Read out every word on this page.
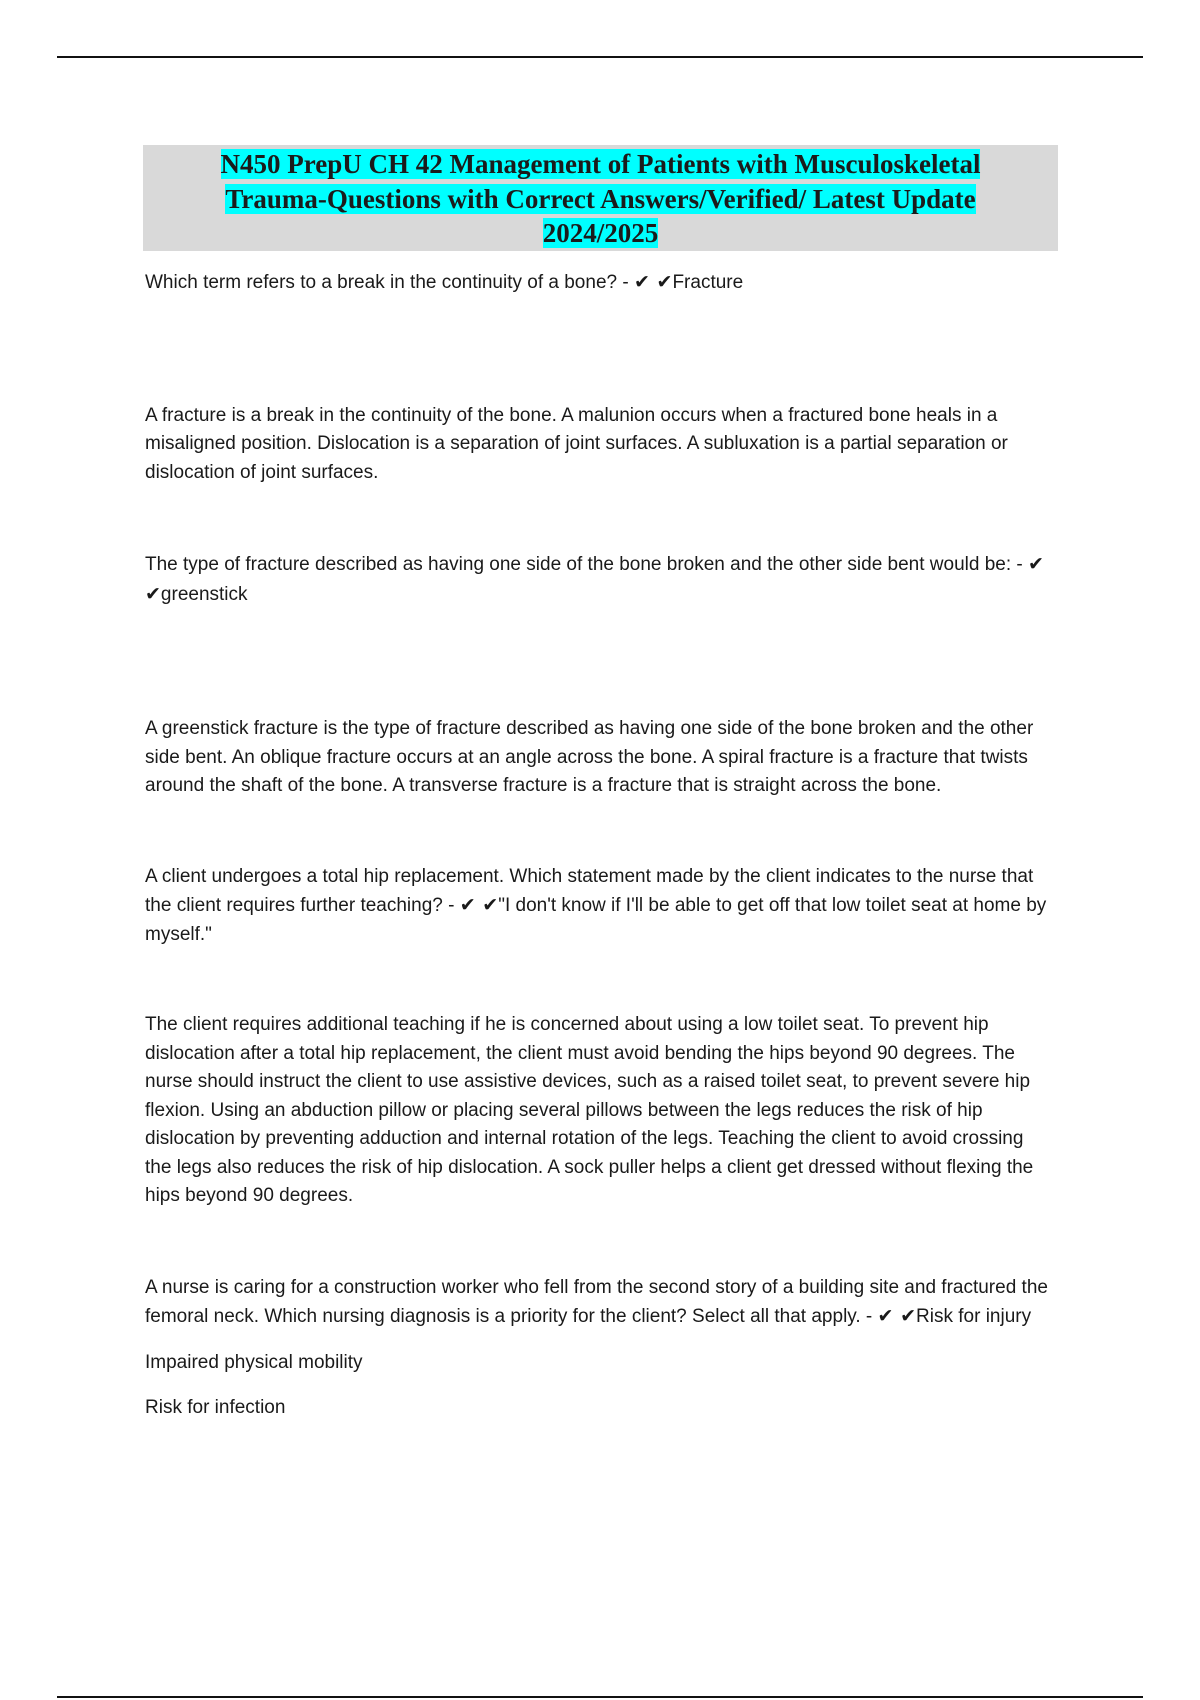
N450 PrepU CH 42 Management of Patients with Musculoskeletal
Trauma-Questions with Correct Answers/Verified/ Latest Update
2024/2025

Which term refers to a break in the continuity of a bone? - ✔ ✔Fracture

A fracture is a break in the continuity of the bone. A malunion occurs when a fractured bone heals in a misaligned position. Dislocation is a separation of joint surfaces. A subluxation is a partial separation or dislocation of joint surfaces.

The type of fracture described as having one side of the bone broken and the other side bent would be: - ✔ ✔greenstick

A greenstick fracture is the type of fracture described as having one side of the bone broken and the other side bent. An oblique fracture occurs at an angle across the bone. A spiral fracture is a fracture that twists around the shaft of the bone. A transverse fracture is a fracture that is straight across the bone.

A client undergoes a total hip replacement. Which statement made by the client indicates to the nurse that the client requires further teaching? - ✔ ✔"I don't know if I'll be able to get off that low toilet seat at home by myself."

The client requires additional teaching if he is concerned about using a low toilet seat. To prevent hip dislocation after a total hip replacement, the client must avoid bending the hips beyond 90 degrees. The nurse should instruct the client to use assistive devices, such as a raised toilet seat, to prevent severe hip flexion. Using an abduction pillow or placing several pillows between the legs reduces the risk of hip dislocation by preventing adduction and internal rotation of the legs. Teaching the client to avoid crossing the legs also reduces the risk of hip dislocation. A sock puller helps a client get dressed without flexing the hips beyond 90 degrees.

A nurse is caring for a construction worker who fell from the second story of a building site and fractured the femoral neck. Which nursing diagnosis is a priority for the client? Select all that apply. - ✔ ✔Risk for injury

Impaired physical mobility

Risk for infection
